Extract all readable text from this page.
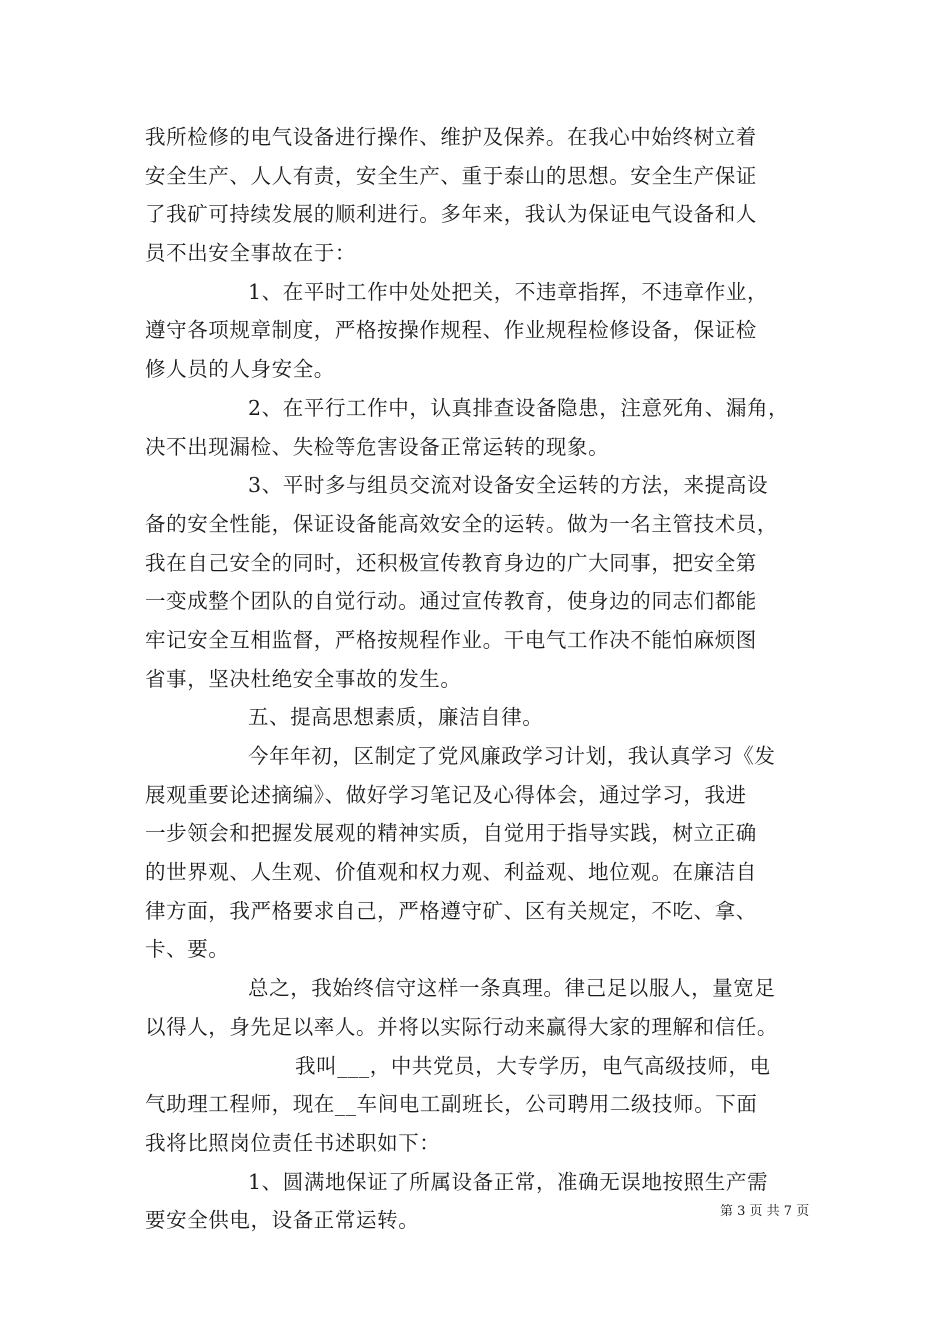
我所检修的电气设备进行操作、维护及保养。在我心中始终树立着
安全生产、人人有责，安全生产、重于泰山的思想。安全生产保证
了我矿可持续发展的顺利进行。多年来，我认为保证电气设备和人
员不出安全事故在于：
1、在平时工作中处处把关，不违章指挥，不违章作业，
遵守各项规章制度，严格按操作规程、作业规程检修设备，保证检
修人员的人身安全。
2、在平行工作中，认真排查设备隐患，注意死角、漏角，
决不出现漏检、失检等危害设备正常运转的现象。
3、平时多与组员交流对设备安全运转的方法，来提高设
备的安全性能，保证设备能高效安全的运转。做为一名主管技术员，
我在自己安全的同时，还积极宣传教育身边的广大同事，把安全第
一变成整个团队的自觉行动。通过宣传教育，使身边的同志们都能
牢记安全互相监督，严格按规程作业。干电气工作决不能怕麻烦图
省事，坚决杜绝安全事故的发生。
五、提高思想素质，廉洁自律。
今年年初，区制定了党风廉政学习计划，我认真学习《发
展观重要论述摘编》、做好学习笔记及心得体会，通过学习，我进
一步领会和把握发展观的精神实质，自觉用于指导实践，树立正确
的世界观、人生观、价值观和权力观、利益观、地位观。在廉洁自
律方面，我严格要求自己，严格遵守矿、区有关规定，不吃、拿、
卡、要。
总之，我始终信守这样一条真理。律己足以服人，量宽足
以得人，身先足以率人。并将以实际行动来赢得大家的理解和信任。
我叫___，中共党员，大专学历，电气高级技师，电
气助理工程师，现在__车间电工副班长，公司聘用二级技师。下面
我将比照岗位责任书述职如下：
1、圆满地保证了所属设备正常，准确无误地按照生产需
要安全供电，设备正常运转。	第 3 页 共 7 页
